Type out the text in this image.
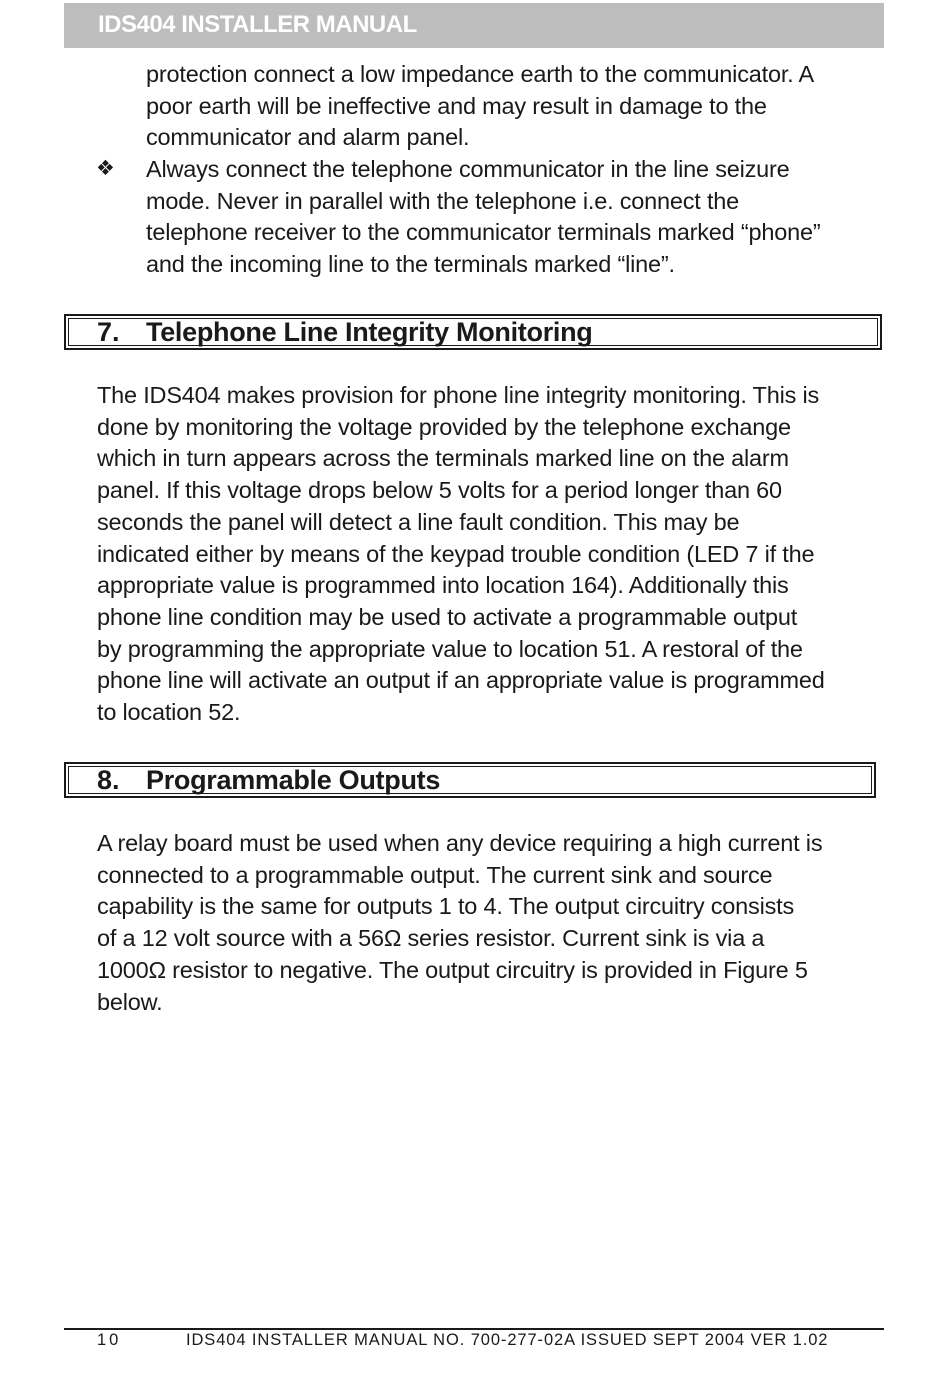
IDS404 INSTALLER MANUAL
protection connect a low impedance earth to the communicator. A
poor earth will be ineffective and may result in damage to the
communicator and alarm panel.
❖ Always connect the telephone communicator in the line seizure
mode. Never in parallel with the telephone i.e. connect the
telephone receiver to the communicator terminals marked “phone”
and the incoming line to the terminals marked “line”.
7. Telephone Line Integrity Monitoring
The IDS404 makes provision for phone line integrity monitoring. This is
done by monitoring the voltage provided by the telephone exchange
which in turn appears across the terminals marked line on the alarm
panel. If this voltage drops below 5 volts for a period longer than 60
seconds the panel will detect a line fault condition. This may be
indicated either by means of the keypad trouble condition (LED 7 if the
appropriate value is programmed into location 164). Additionally this
phone line condition may be used to activate a programmable output
by programming the appropriate value to location 51. A restoral of the
phone line will activate an output if an appropriate value is programmed
to location 52.
8. Programmable Outputs
A relay board must be used when any device requiring a high current is
connected to a programmable output. The current sink and source
capability is the same for outputs 1 to 4. The output circuitry consists
of a 12 volt source with a 56Ω series resistor. Current sink is via a
1000Ω resistor to negative. The output circuitry is provided in Figure 5
below.
10	IDS404 INSTALLER MANUAL NO. 700-277-02A ISSUED SEPT 2004 VER 1.02
